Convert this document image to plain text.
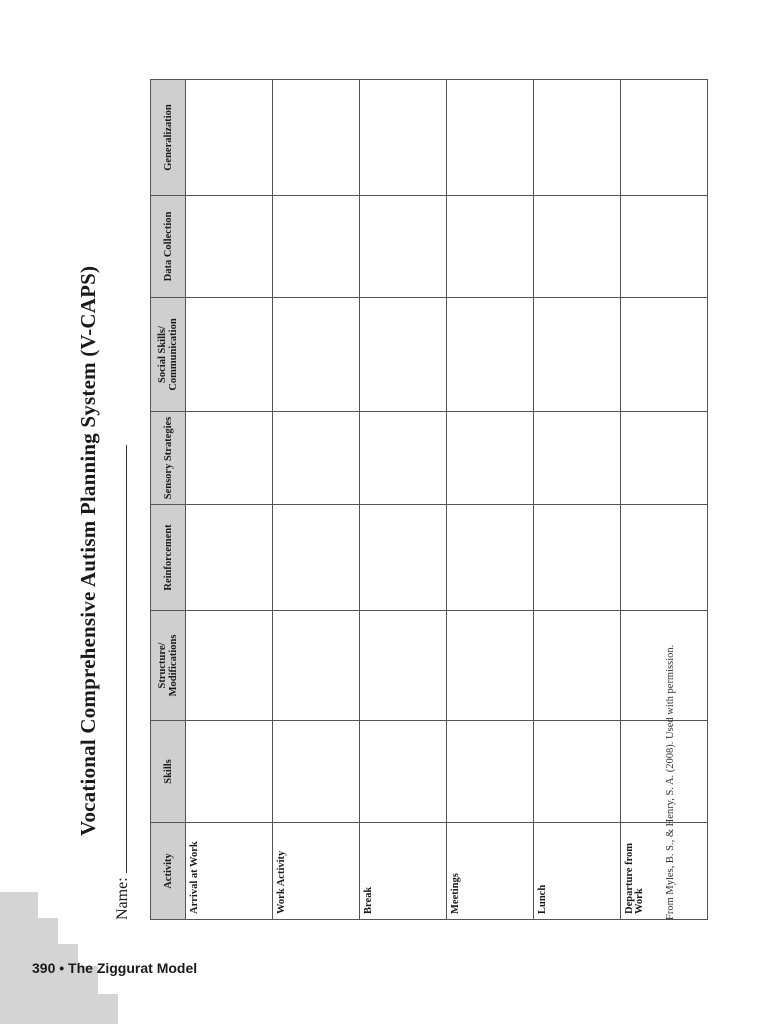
390 • The Ziggurat Model
Vocational Comprehensive Autism Planning System (V-CAPS)
Name:
Activity	Skills	Structure/ Modifications	Reinforcement	Sensory Strategies	Social Skills/ Communication	Data Collection	Generalization
Arrival at Work							
Work Activity							
Break							
Meetings							
Lunch							
Departure from Work							From Myles, B. S., & Henry, S. A. (2008). Used with permission.
